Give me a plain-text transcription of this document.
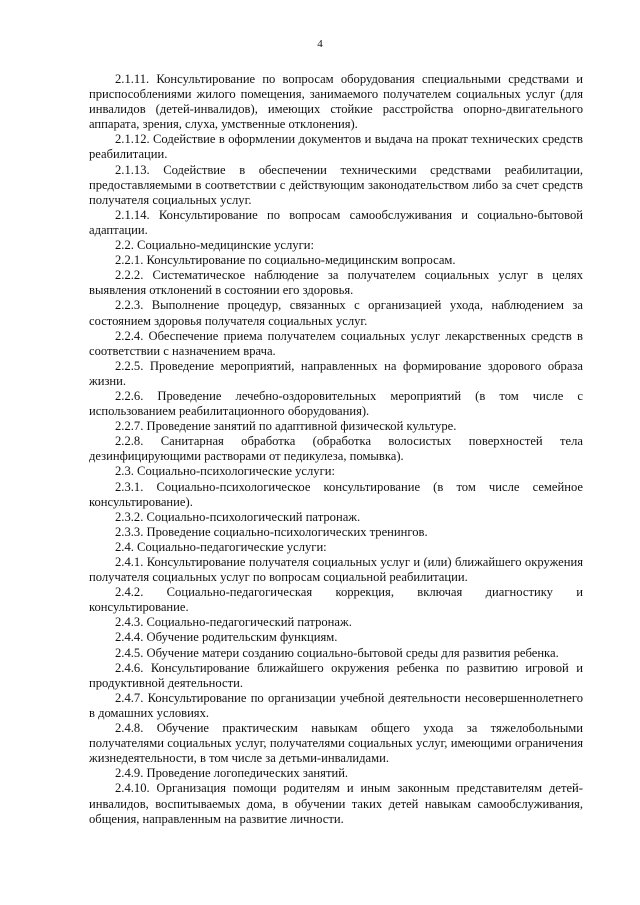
4

2.1.11. Консультирование по вопросам оборудования специальными средствами и приспособлениями жилого помещения, занимаемого получателем социальных услуг (для инвалидов (детей-инвалидов), имеющих стойкие расстройства опорно-двигательного аппарата, зрения, слуха, умственные отклонения).

2.1.12. Содействие в оформлении документов и выдача на прокат технических средств реабилитации.

2.1.13. Содействие в обеспечении техническими средствами реабилитации, предоставляемыми в соответствии с действующим законодательством либо за счет средств получателя социальных услуг.

2.1.14. Консультирование по вопросам самообслуживания и социально-бытовой адаптации.

2.2. Социально-медицинские услуги:

2.2.1. Консультирование по социально-медицинским вопросам.

2.2.2. Систематическое наблюдение за получателем социальных услуг в целях выявления отклонений в состоянии его здоровья.

2.2.3. Выполнение процедур, связанных с организацией ухода, наблюдением за состоянием здоровья получателя социальных услуг.

2.2.4. Обеспечение приема получателем социальных услуг лекарственных средств в соответствии с назначением врача.

2.2.5. Проведение мероприятий, направленных на формирование здорового образа жизни.

2.2.6. Проведение лечебно-оздоровительных мероприятий (в том числе с использованием реабилитационного оборудования).

2.2.7. Проведение занятий по адаптивной физической культуре.

2.2.8. Санитарная обработка (обработка волосистых поверхностей тела дезинфицирующими растворами от педикулеза, помывка).

2.3. Социально-психологические услуги:

2.3.1. Социально-психологическое консультирование (в том числе семейное консультирование).

2.3.2. Социально-психологический патронаж.

2.3.3. Проведение социально-психологических тренингов.

2.4. Социально-педагогические услуги:

2.4.1. Консультирование получателя социальных услуг и (или) ближайшего окружения получателя социальных услуг по вопросам социальной реабилитации.

2.4.2. Социально-педагогическая коррекция, включая диагностику и консультирование.

2.4.3. Социально-педагогический патронаж.

2.4.4. Обучение родительским функциям.

2.4.5. Обучение матери созданию социально-бытовой среды для развития ребенка.

2.4.6. Консультирование ближайшего окружения ребенка по развитию игровой и продуктивной деятельности.

2.4.7. Консультирование по организации учебной деятельности несовершеннолетнего в домашних условиях.

2.4.8. Обучение практическим навыкам общего ухода за тяжелобольными получателями социальных услуг, получателями социальных услуг, имеющими ограничения жизнедеятельности, в том числе за детьми-инвалидами.

2.4.9. Проведение логопедических занятий.

2.4.10. Организация помощи родителям и иным законным представителям детей-инвалидов, воспитываемых дома, в обучении таких детей навыкам самообслуживания, общения, направленным на развитие личности.
